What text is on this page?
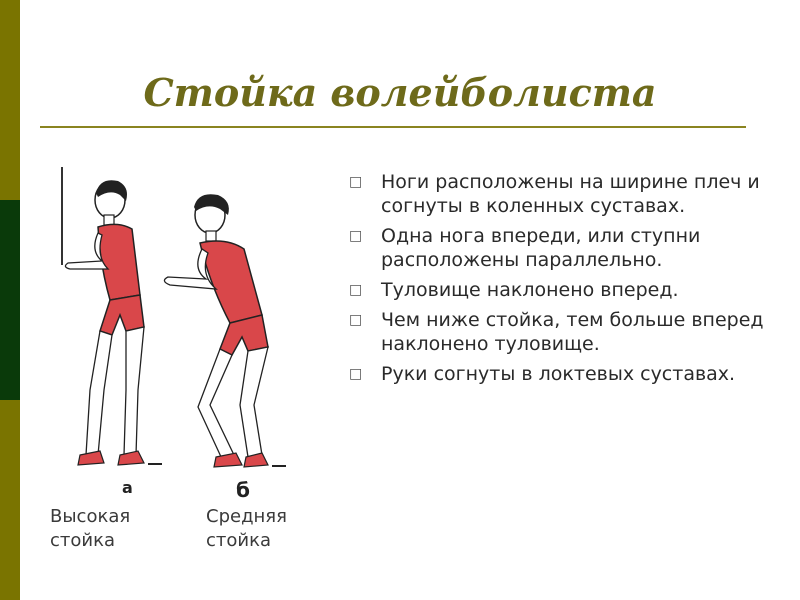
Стойка волейболиста
а	б
Высокая
стойка
Средняя
стойка
□ Ноги расположены на ширине плеч и согнуты в коленных суставах.
□ Одна нога впереди, или ступни расположены параллельно.
□ Туловище наклонено вперед.
□ Чем ниже стойка, тем больше вперед наклонено туловище.
□ Руки согнуты в локтевых суставах.
